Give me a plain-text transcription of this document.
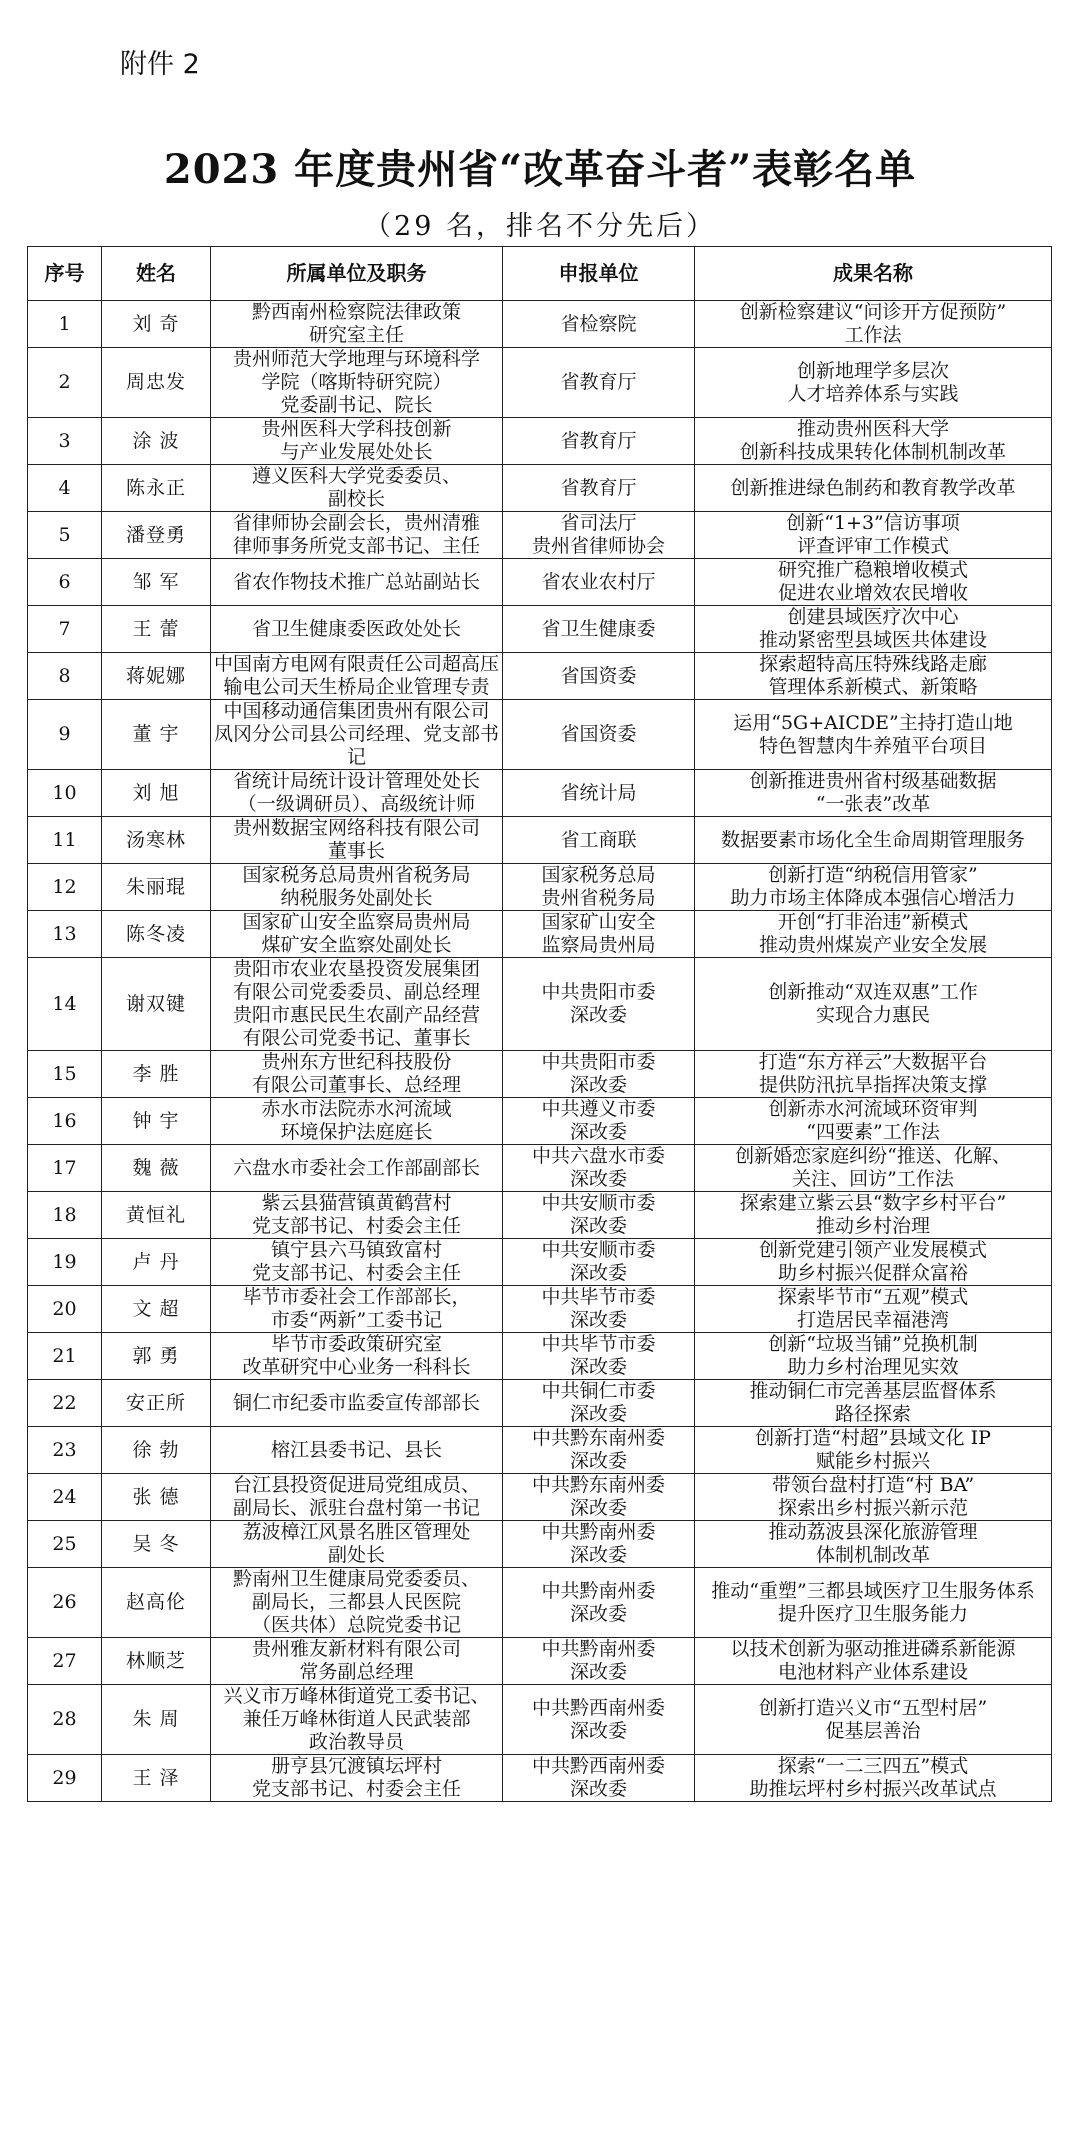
附件 2
2023 年度贵州省“改革奋斗者”表彰名单
（29 名，排名不分先后）
序号	姓名	所属单位及职务	申报单位	成果名称
1	刘 奇	黔西南州检察院法律政策
研究室主任	省检察院	创新检察建议“问诊开方促预防”
工作法
2	周忠发	贵州师范大学地理与环境科学
学院（喀斯特研究院）
党委副书记、院长	省教育厅	创新地理学多层次
人才培养体系与实践
3	涂 波	贵州医科大学科技创新
与产业发展处处长	省教育厅	推动贵州医科大学
创新科技成果转化体制机制改革
4	陈永正	遵义医科大学党委委员、
副校长	省教育厅	创新推进绿色制药和教育教学改革
5	潘登勇	省律师协会副会长，贵州清雅
律师事务所党支部书记、主任	省司法厅
贵州省律师协会	创新“1+3”信访事项
评查评审工作模式
6	邹 军	省农作物技术推广总站副站长	省农业农村厅	研究推广稳粮增收模式
促进农业增效农民增收
7	王 蕾	省卫生健康委医政处处长	省卫生健康委	创建县域医疗次中心
推动紧密型县域医共体建设
8	蒋妮娜	中国南方电网有限责任公司超高压
输电公司天生桥局企业管理专责	省国资委	探索超特高压特殊线路走廊
管理体系新模式、新策略
9	董 宇	中国移动通信集团贵州有限公司
凤冈分公司县公司经理、党支部书记	省国资委	运用“5G+AICDE”主持打造山地
特色智慧肉牛养殖平台项目
10	刘 旭	省统计局统计设计管理处处长
（一级调研员）、高级统计师	省统计局	创新推进贵州省村级基础数据
“一张表”改革
11	汤寒林	贵州数据宝网络科技有限公司
董事长	省工商联	数据要素市场化全生命周期管理服务
12	朱丽琨	国家税务总局贵州省税务局
纳税服务处副处长	国家税务总局
贵州省税务局	创新打造“纳税信用管家”
助力市场主体降成本强信心增活力
13	陈冬凌	国家矿山安全监察局贵州局
煤矿安全监察处副处长	国家矿山安全
监察局贵州局	开创“打非治违”新模式
推动贵州煤炭产业安全发展
14	谢双键	贵阳市农业农垦投资发展集团
有限公司党委委员、副总经理
贵阳市惠民民生农副产品经营
有限公司党委书记、董事长	中共贵阳市委
深改委	创新推动“双连双惠”工作
实现合力惠民
15	李 胜	贵州东方世纪科技股份
有限公司董事长、总经理	中共贵阳市委
深改委	打造“东方祥云”大数据平台
提供防汛抗旱指挥决策支撑
16	钟 宇	赤水市法院赤水河流域
环境保护法庭庭长	中共遵义市委
深改委	创新赤水河流域环资审判
“四要素”工作法
17	魏 薇	六盘水市委社会工作部副部长	中共六盘水市委
深改委	创新婚恋家庭纠纷“推送、化解、
关注、回访”工作法
18	黄恒礼	紫云县猫营镇黄鹤营村
党支部书记、村委会主任	中共安顺市委
深改委	探索建立紫云县“数字乡村平台”
推动乡村治理
19	卢 丹	镇宁县六马镇致富村
党支部书记、村委会主任	中共安顺市委
深改委	创新党建引领产业发展模式
助乡村振兴促群众富裕
20	文 超	毕节市委社会工作部部长，
市委“两新”工委书记	中共毕节市委
深改委	探索毕节市“五观”模式
打造居民幸福港湾
21	郭 勇	毕节市委政策研究室
改革研究中心业务一科科长	中共毕节市委
深改委	创新“垃圾当铺”兑换机制
助力乡村治理见实效
22	安正所	铜仁市纪委市监委宣传部部长	中共铜仁市委
深改委	推动铜仁市完善基层监督体系
路径探索
23	徐 勃	榕江县委书记、县长	中共黔东南州委
深改委	创新打造“村超”县域文化 IP
赋能乡村振兴
24	张 德	台江县投资促进局党组成员、
副局长、派驻台盘村第一书记	中共黔东南州委
深改委	带领台盘村打造“村 BA”
探索出乡村振兴新示范
25	吴 冬	荔波樟江风景名胜区管理处
副处长	中共黔南州委
深改委	推动荔波县深化旅游管理
体制机制改革
26	赵高伦	黔南州卫生健康局党委委员、
副局长，三都县人民医院
（医共体）总院党委书记	中共黔南州委
深改委	推动“重塑”三都县域医疗卫生服务体系
提升医疗卫生服务能力
27	林顺芝	贵州雅友新材料有限公司
常务副总经理	中共黔南州委
深改委	以技术创新为驱动推进磷系新能源
电池材料产业体系建设
28	朱 周	兴义市万峰林街道党工委书记、
兼任万峰林街道人民武装部
政治教导员	中共黔西南州委
深改委	创新打造兴义市“五型村居”
促基层善治
29	王 泽	册亨县冗渡镇坛坪村
党支部书记、村委会主任	中共黔西南州委
深改委	探索“一二三四五”模式
助推坛坪村乡村振兴改革试点
